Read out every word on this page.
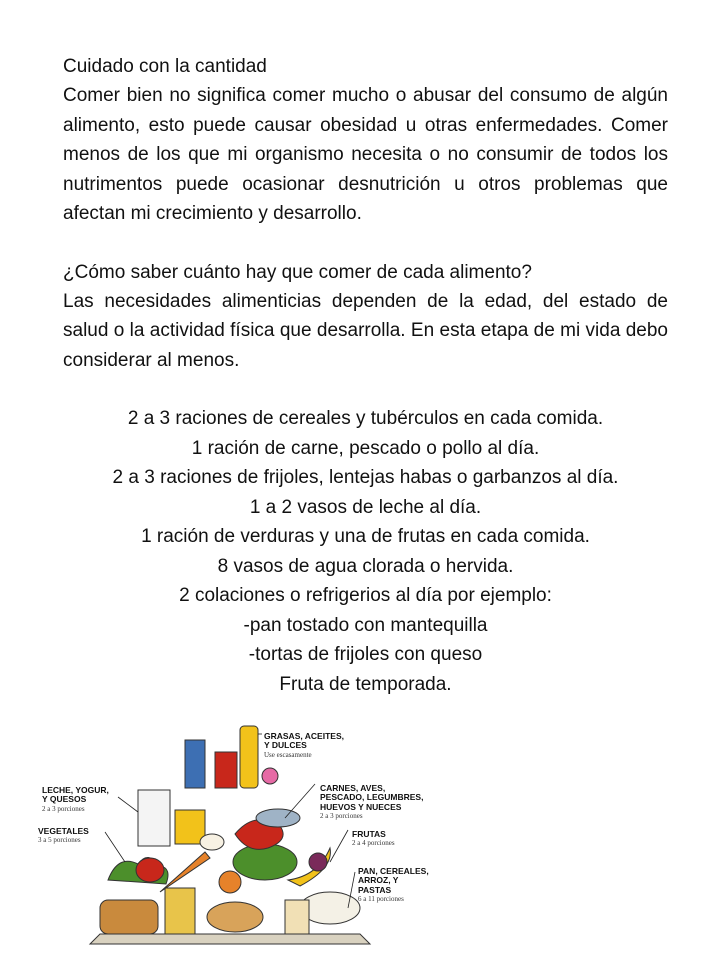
Cuidado con la cantidad

Comer bien no significa comer mucho o abusar del consumo de algún alimento, esto puede causar obesidad u otras enfermedades. Comer menos de los que mi organismo necesita o no consumir de todos los nutrimentos puede ocasionar desnutrición u otros problemas que afectan mi crecimiento y desarrollo.

¿Cómo saber cuánto hay que comer de cada alimento?

Las necesidades alimenticias dependen de la edad, del estado de salud o la actividad física que desarrolla. En esta etapa de mi vida debo considerar al menos.

2 a 3 raciones de cereales y tubérculos en cada comida.
1 ración de carne, pescado o pollo al día.
2 a 3 raciones de frijoles, lentejas habas o garbanzos al día.
1 a 2 vasos de leche al día.
1 ración de verduras y una de frutas en cada comida.
8 vasos de agua clorada o hervida.
2 colaciones o refrigerios al día por ejemplo:
-pan tostado con mantequilla
-tortas de frijoles con queso
Fruta de temporada.

GRASAS, ACEITES,
Y DULCES

Use escasamente

CARNES, AVES,
PESCADO, LEGUMBRES,
HUEVOS Y NUECES

2 a 3 porciones

FRUTAS

2 a 4 porciones

PAN, CEREALES,
ARROZ, Y
PASTAS

6 a 11 porciones

LECHE, YOGUR,
Y QUESOS

2 a 3 porciones

VEGETALES

3 a 5 porciones
